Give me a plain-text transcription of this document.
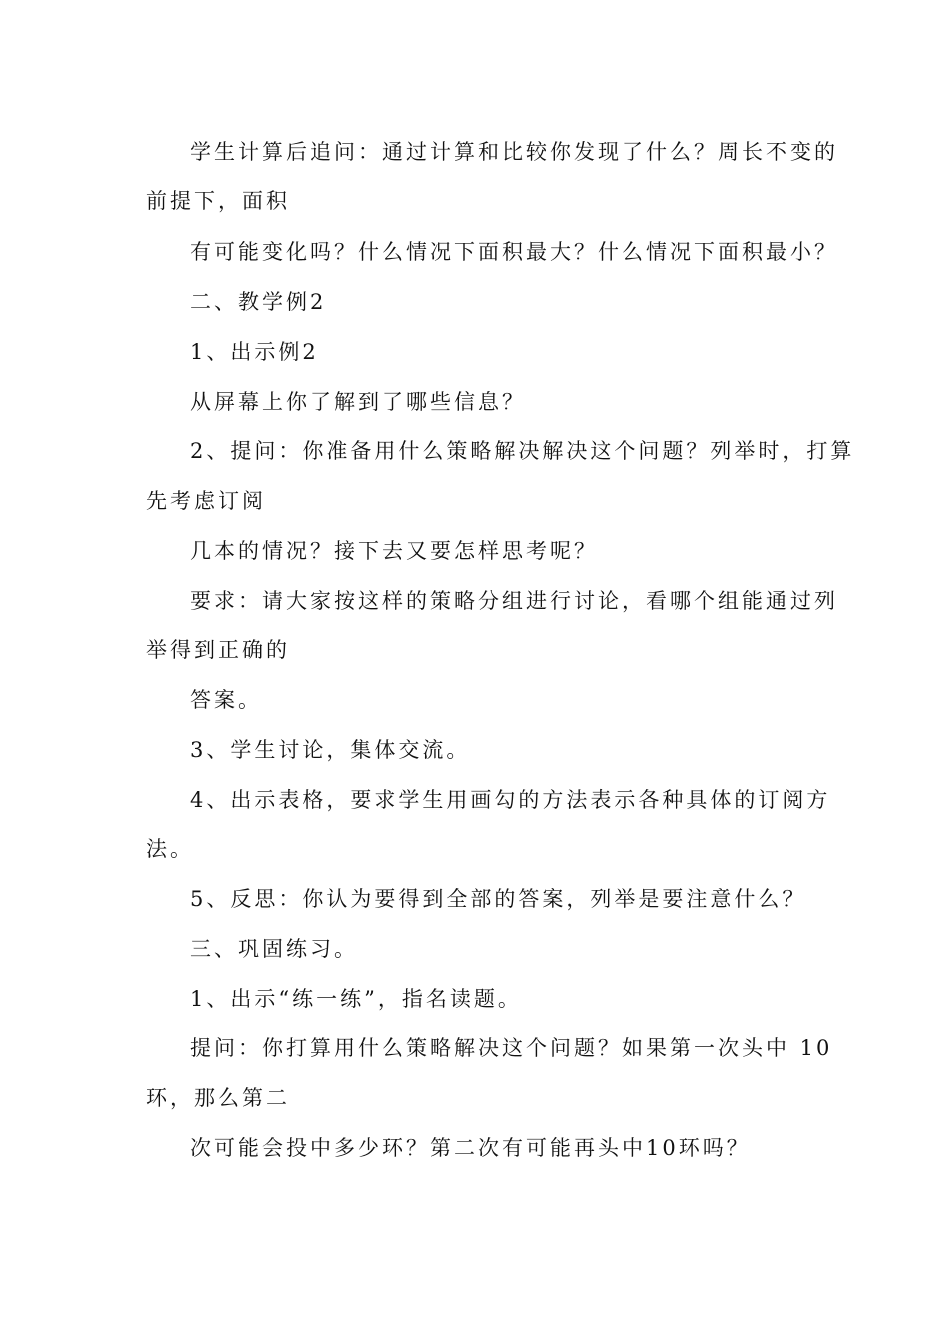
学生计算后追问：通过计算和比较你发现了什么？周长不变的
前提下，面积
有可能变化吗？什么情况下面积最大？什么情况下面积最小？
二、教学例2
1、出示例2
从屏幕上你了解到了哪些信息？
2、提问：你准备用什么策略解决解决这个问题？列举时，打算
先考虑订阅
几本的情况？接下去又要怎样思考呢？
要求：请大家按这样的策略分组进行讨论，看哪个组能通过列
举得到正确的
答案。
3、学生讨论，集体交流。
4、出示表格，要求学生用画勾的方法表示各种具体的订阅方
法。
5、反思：你认为要得到全部的答案，列举是要注意什么？
三、巩固练习。
1、出示“练一练”，指名读题。
提问：你打算用什么策略解决这个问题？如果第一次头中 10
环，那么第二
次可能会投中多少环？第二次有可能再头中10环吗？
